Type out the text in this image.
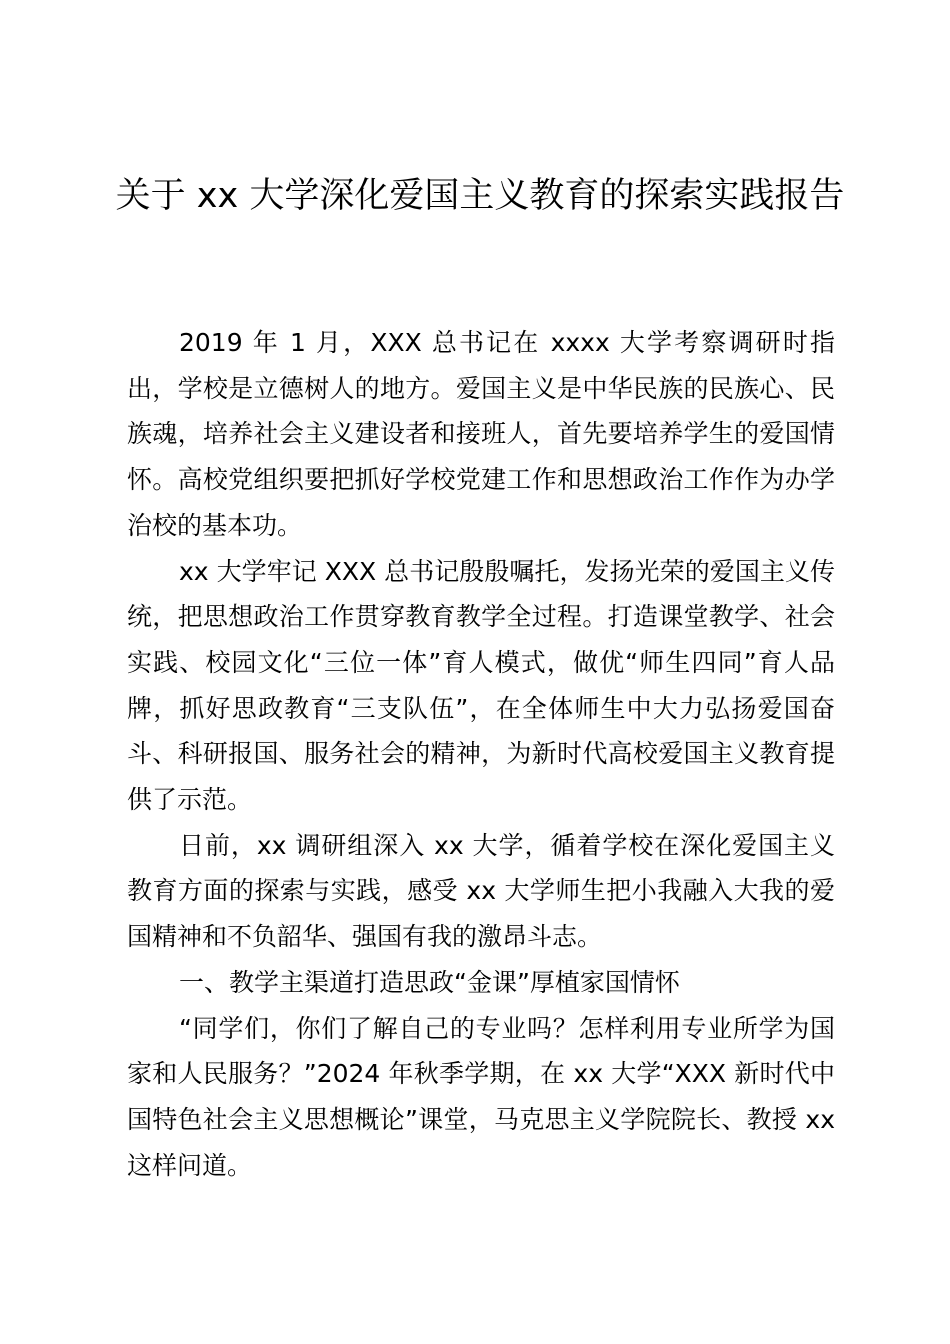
关于 xx 大学深化爱国主义教育的探索实践报告

2019 年 1 月，XXX 总书记在 xxxx 大学考察调研时指出，学校是立德树人的地方。爱国主义是中华民族的民族心、民族魂，培养社会主义建设者和接班人，首先要培养学生的爱国情怀。高校党组织要把抓好学校党建工作和思想政治工作作为办学治校的基本功。

xx 大学牢记 XXX 总书记殷殷嘱托，发扬光荣的爱国主义传统，把思想政治工作贯穿教育教学全过程。打造课堂教学、社会实践、校园文化“三位一体”育人模式，做优“师生四同”育人品牌，抓好思政教育“三支队伍”，在全体师生中大力弘扬爱国奋斗、科研报国、服务社会的精神，为新时代高校爱国主义教育提供了示范。

日前，xx 调研组深入 xx 大学，循着学校在深化爱国主义教育方面的探索与实践，感受 xx 大学师生把小我融入大我的爱国精神和不负韶华、强国有我的激昂斗志。

一、教学主渠道打造思政“金课”厚植家国情怀

“同学们，你们了解自己的专业吗？怎样利用专业所学为国家和人民服务？”2024 年秋季学期，在 xx 大学“XXX 新时代中国特色社会主义思想概论”课堂，马克思主义学院院长、教授 xx 这样问道。
